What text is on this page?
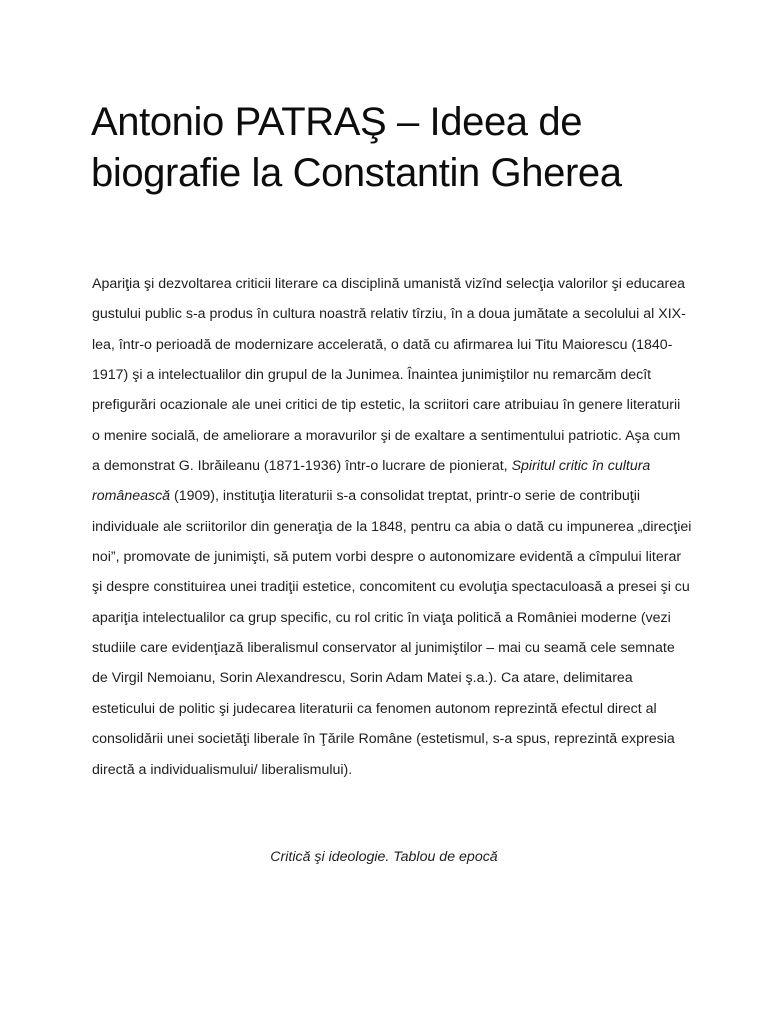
Antonio PATRAŞ – Ideea de biografie la Constantin Gherea

Apariţia şi dezvoltarea criticii literare ca disciplină umanistă vizînd selecţia valorilor şi educarea gustului public s-a produs în cultura noastră relativ tîrziu, în a doua jumătate a secolului al XIX-lea, într-o perioadă de modernizare accelerată, o dată cu afirmarea lui Titu Maiorescu (1840-1917) şi a intelectualilor din grupul de la Junimea. Înaintea junimiştilor nu remarcăm decît prefigurări ocazionale ale unei critici de tip estetic, la scriitori care atribuiau în genere literaturii o menire socială, de ameliorare a moravurilor şi de exaltare a sentimentului patriotic. Aşa cum a demonstrat G. Ibrăileanu (1871-1936) într-o lucrare de pionierat, Spiritul critic în cultura românească (1909), instituţia literaturii s-a consolidat treptat, printr-o serie de contribuţii individuale ale scriitorilor din generaţia de la 1848, pentru ca abia o dată cu impunerea „direcţiei noi”, promovate de junimişti, să putem vorbi despre o autonomizare evidentă a cîmpului literar şi despre constituirea unei tradiţii estetice, concomitent cu evoluţia spectaculoasă a presei şi cu apariţia intelectualilor ca grup specific, cu rol critic în viaţa politică a României moderne (vezi studiile care evidenţiază liberalismul conservator al junimiştilor – mai cu seamă cele semnate de Virgil Nemoianu, Sorin Alexandrescu, Sorin Adam Matei ş.a.). Ca atare, delimitarea esteticului de politic şi judecarea literaturii ca fenomen autonom reprezintă efectul direct al consolidării unei societăţi liberale în Ţările Române (estetismul, s-a spus, reprezintă expresia directă a individualismului/ liberalismului).

Critică şi ideologie. Tablou de epocă
